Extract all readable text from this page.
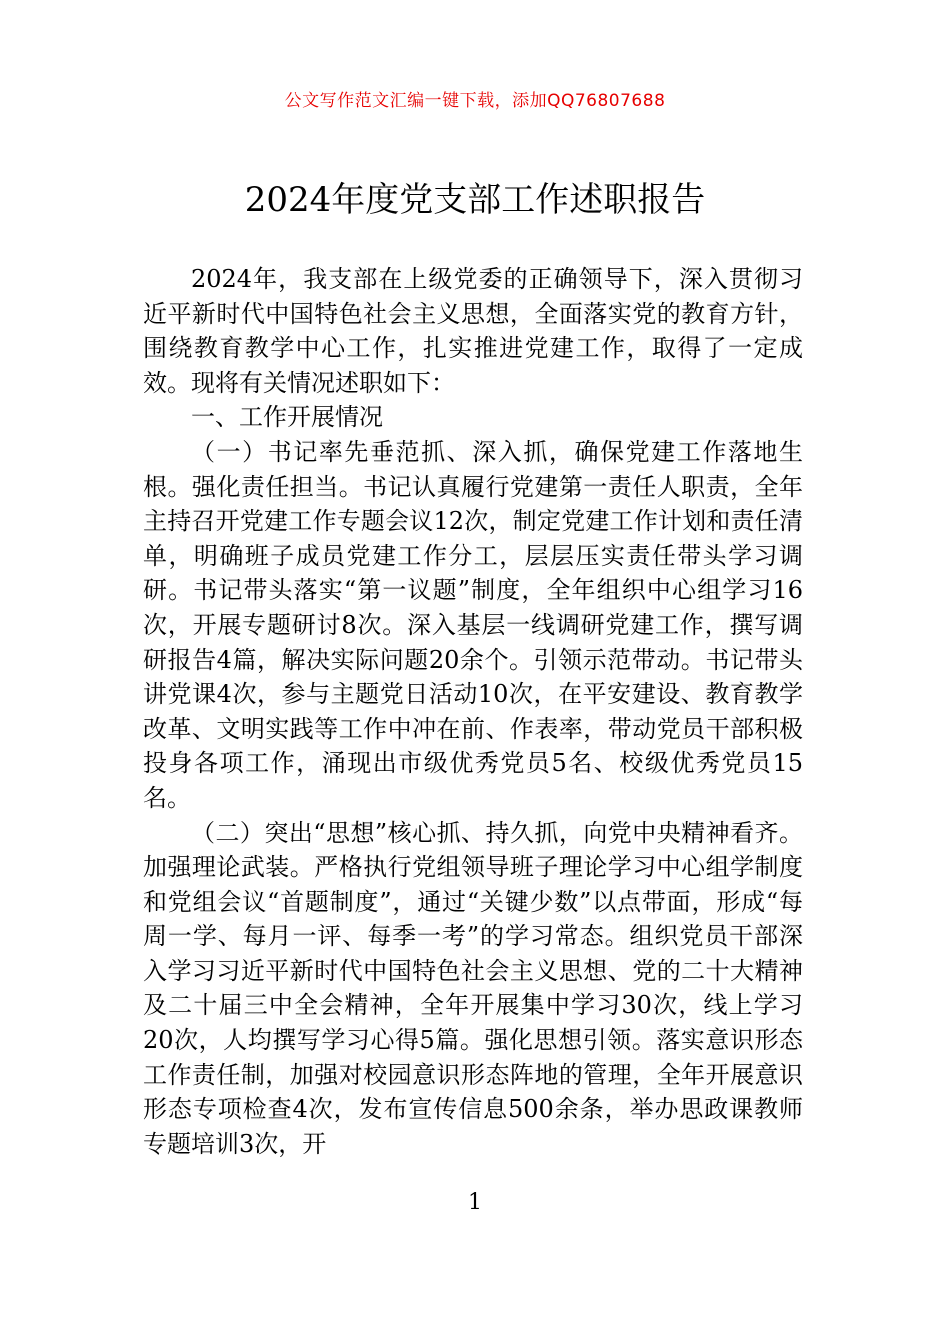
公文写作范文汇编一键下载，添加QQ76807688
2024年度党支部工作述职报告

2024年，我支部在上级党委的正确领导下，深入贯彻习近平新时代中国特色社会主义思想，全面落实党的教育方针，围绕教育教学中心工作，扎实推进党建工作，取得了一定成效。现将有关情况述职如下：

一、工作开展情况

（一）书记率先垂范抓、深入抓，确保党建工作落地生根。强化责任担当。书记认真履行党建第一责任人职责，全年主持召开党建工作专题会议12次，制定党建工作计划和责任清单，明确班子成员党建工作分工，层层压实责任带头学习调研。书记带头落实“第一议题”制度，全年组织中心组学习16次，开展专题研讨8次。深入基层一线调研党建工作，撰写调研报告4篇，解决实际问题20余个。引领示范带动。书记带头讲党课4次，参与主题党日活动10次，在平安建设、教育教学改革、文明实践等工作中冲在前、作表率，带动党员干部积极投身各项工作，涌现出市级优秀党员5名、校级优秀党员15名。

（二）突出“思想”核心抓、持久抓，向党中央精神看齐。加强理论武装。严格执行党组领导班子理论学习中心组学制度和党组会议“首题制度”，通过“关键少数”以点带面，形成“每周一学、每月一评、每季一考”的学习常态。组织党员干部深入学习习近平新时代中国特色社会主义思想、党的二十大精神及二十届三中全会精神，全年开展集中学习30次，线上学习20次，人均撰写学习心得5篇。强化思想引领。落实意识形态工作责任制，加强对校园意识形态阵地的管理，全年开展意识形态专项检查4次，发布宣传信息500余条，举办思政课教师专题培训3次，开

1
